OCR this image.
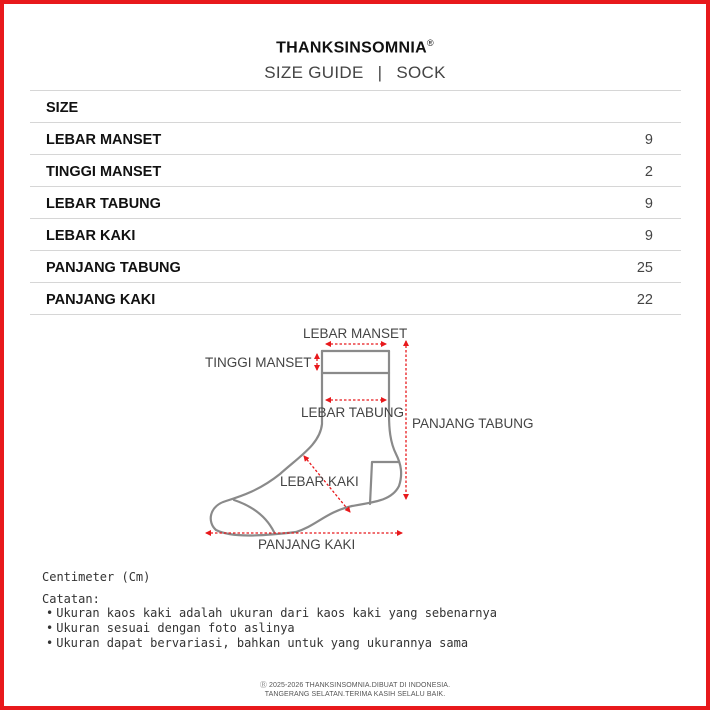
THANKSINSOMNIA®
SIZE GUIDE | SOCK
SIZE
LEBAR MANSET	9
TINGGI MANSET	2
LEBAR TABUNG	9
LEBAR KAKI	9
PANJANG TABUNG	25
PANJANG KAKI	22
LEBAR MANSET
TINGGI MANSET
LEBAR TABUNG
PANJANG TABUNG
LEBAR KAKI
PANJANG KAKI
Centimeter (Cm)
Catatan:
• Ukuran kaos kaki adalah ukuran dari kaos kaki yang sebenarnya
• Ukuran sesuai dengan foto aslinya
• Ukuran dapat bervariasi, bahkan untuk yang ukurannya sama
Ⓡ 2025-2026 THANKSINSOMNIA.DIBUAT DI INDONESIA.
TANGERANG SELATAN.TERIMA KASIH SELALU BAIK.
